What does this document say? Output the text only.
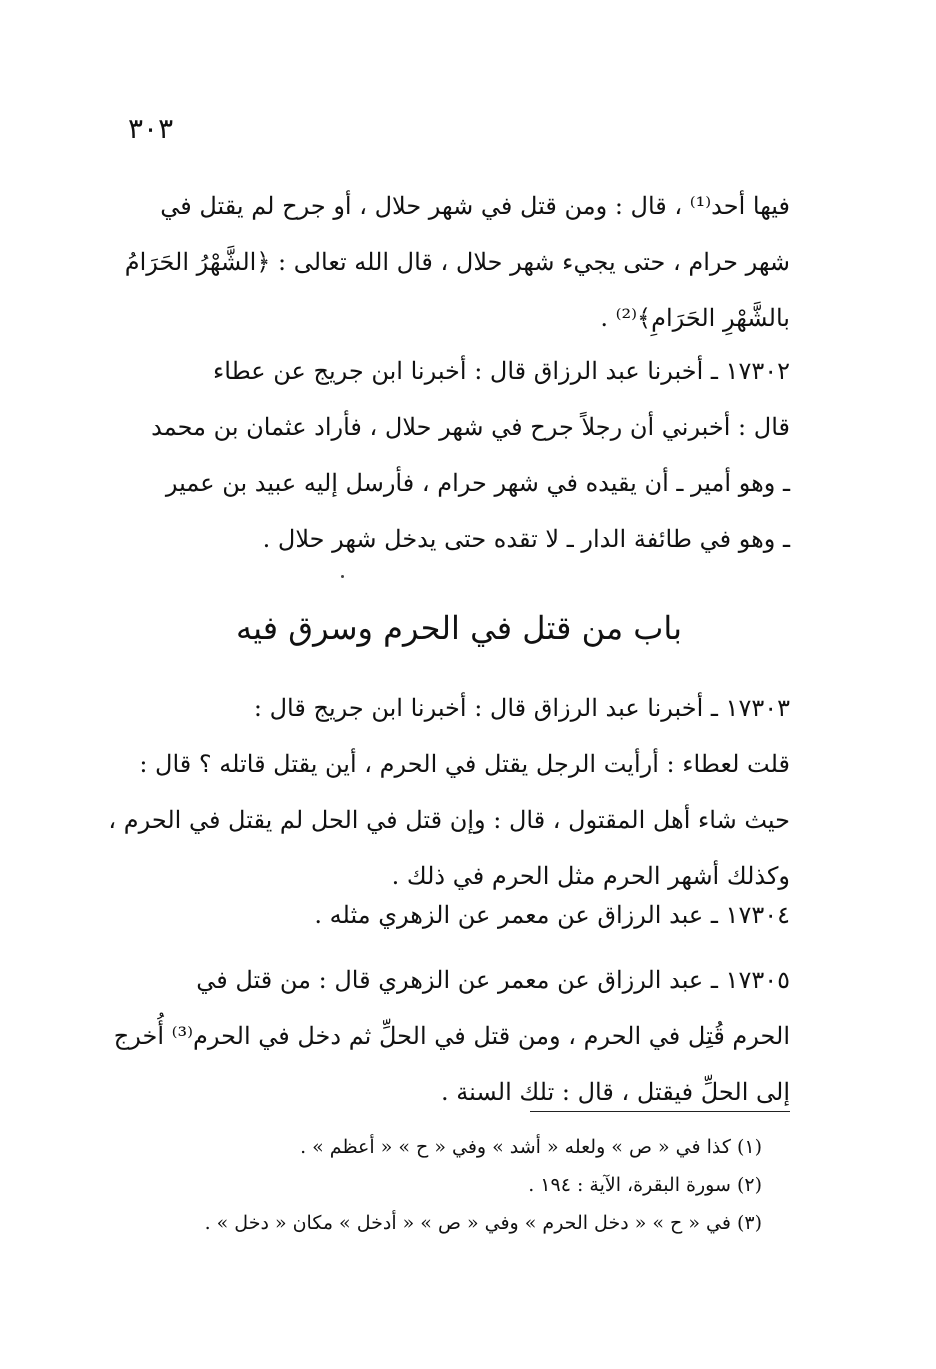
٣٠٣
فيها أحد⁽¹⁾ ، قال : ومن قتل في شهر حلال ، أو جرح لم يقتل في
شهر حرام ، حتى يجيء شهر حلال ، قال الله تعالى : ﴿الشَّهْرُ الحَرَامُ
بالشَّهْرِ الحَرَامِ﴾⁽²⁾ .
١٧٣٠٢ ـ أخبرنا عبد الرزاق قال : أخبرنا ابن جريج عن عطاء
قال : أخبرني أن رجلاً جرح في شهر حلال ، فأراد عثمان بن محمد
ـ وهو أمير ـ أن يقيده في شهر حرام ، فأرسل إليه عبيد بن عمير
ـ وهو في طائفة الدار ـ لا تقده حتى يدخل شهر حلال .
باب من قتل في الحرم وسرق فيه
١٧٣٠٣ ـ أخبرنا عبد الرزاق قال : أخبرنا ابن جريج قال :
قلت لعطاء : أرأيت الرجل يقتل في الحرم ، أين يقتل قاتله ؟ قال :
حيث شاء أهل المقتول ، قال : وإن قتل في الحل لم يقتل في الحرم ،
وكذلك أشهر الحرم مثل الحرم في ذلك .
١٧٣٠٤ ـ عبد الرزاق عن معمر عن الزهري مثله .
١٧٣٠٥ ـ عبد الرزاق عن معمر عن الزهري قال : من قتل في
الحرم قُتِل في الحرم ، ومن قتل في الحلِّ ثم دخل في الحرم⁽³⁾ أُخرج
إلى الحلِّ فيقتل ، قال : تلك السنة .
(١) كذا في « ص » ولعله « أشد » وفي « ح » « أعظم » .
(٢) سورة البقرة، الآية : ١٩٤ .
(٣) في « ح » « دخل الحرم » وفي « ص » « أدخل » مكان « دخل » .
